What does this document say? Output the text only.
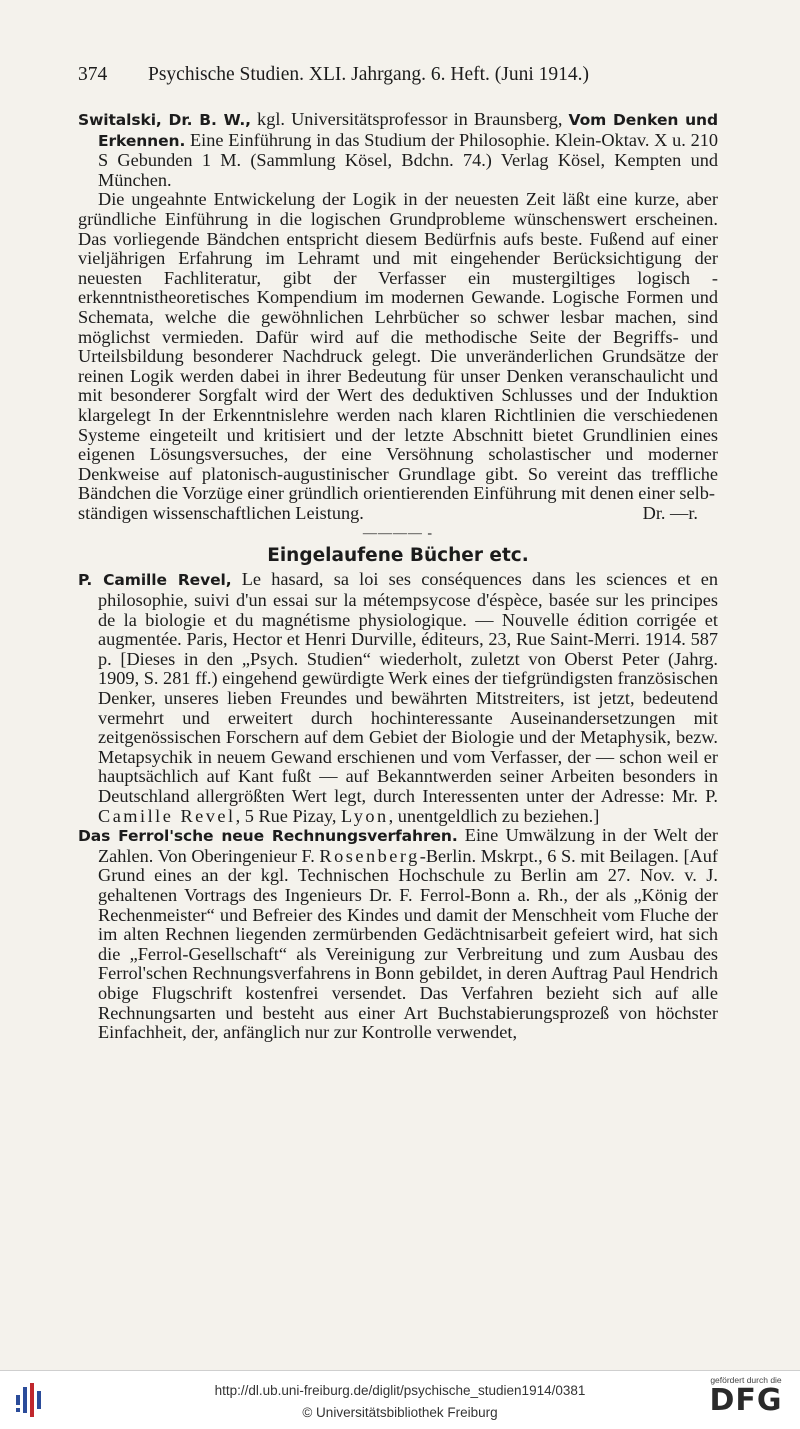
374	Psychische Studien. XLI. Jahrgang. 6. Heft. (Juni 1914.)

Switalski, Dr. B. W., kgl. Universitätsprofessor in Braunsberg, Vom Denken und Erkennen. Eine Einführung in das Studium der Philosophie. Klein-Oktav. X u. 210 S Gebunden 1 M. (Sammlung Kösel, Bdchn. 74.) Verlag Kösel, Kempten und München.

Die ungeahnte Entwickelung der Logik in der neuesten Zeit läßt eine kurze, aber gründliche Einführung in die logischen Grundprobleme wünschenswert erscheinen. Das vorliegende Bändchen entspricht diesem Bedürfnis aufs beste. Fußend auf einer vieljährigen Erfahrung im Lehramt und mit eingehender Berücksichtigung der neuesten Fachliteratur, gibt der Verfasser ein mustergiltiges logisch - erkenntnistheoretisches Kompendium im modernen Gewande. Logische Formen und Schemata, welche die gewöhnlichen Lehrbücher so schwer lesbar machen, sind möglichst vermieden. Dafür wird auf die methodische Seite der Begriffs- und Urteilsbildung besonderer Nachdruck gelegt. Die unveränderlichen Grundsätze der reinen Logik werden dabei in ihrer Bedeutung für unser Denken veranschaulicht und mit besonderer Sorgfalt wird der Wert des deduktiven Schlusses und der Induktion klargelegt In der Erkenntnislehre werden nach klaren Richtlinien die verschiedenen Systeme eingeteilt und kritisiert und der letzte Abschnitt bietet Grundlinien eines eigenen Lösungsversuches, der eine Versöhnung scholastischer und moderner Denkweise auf platonisch-augustinischer Grundlage gibt. So vereint das treffliche Bändchen die Vorzüge einer gründlich orientierenden Einführung mit denen einer selb-

ständigen wissenschaftlichen Leistung.	Dr. —r.

———— -
Eingelaufene Bücher etc.

P. Camille Revel, Le hasard, sa loi ses conséquences dans les sciences et en philosophie, suivi d'un essai sur la métempsycose d'éspèce, basée sur les principes de la biologie et du magnétisme physiologique. — Nouvelle édition corrigée et augmentée. Paris, Hector et Henri Durville, éditeurs, 23, Rue Saint-Merri. 1914. 587 p. [Dieses in den „Psych. Studien“ wiederholt, zuletzt von Oberst Peter (Jahrg. 1909, S. 281 ff.) eingehend gewürdigte Werk eines der tiefgründigsten französischen Denker, unseres lieben Freundes und bewährten Mitstreiters, ist jetzt, bedeutend vermehrt und erweitert durch hochinteressante Auseinandersetzungen mit zeitgenössischen Forschern auf dem Gebiet der Biologie und der Metaphysik, bezw. Metapsychik in neuem Gewand erschienen und vom Verfasser, der — schon weil er hauptsächlich auf Kant fußt — auf Bekanntwerden seiner Arbeiten besonders in Deutschland allergrößten Wert legt, durch Interessenten unter der Adresse: Mr. P. Camille Revel, 5 Rue Pizay, Lyon, unentgeldlich zu beziehen.]

Das Ferrol'sche neue Rechnungsverfahren. Eine Umwälzung in der Welt der Zahlen. Von Oberingenieur F. Rosenberg-Berlin. Mskrpt., 6 S. mit Beilagen. [Auf Grund eines an der kgl. Technischen Hochschule zu Berlin am 27. Nov. v. J. gehaltenen Vortrags des Ingenieurs Dr. F. Ferrol-Bonn a. Rh., der als „König der Rechenmeister“ und Befreier des Kindes und damit der Menschheit vom Fluche der im alten Rechnen liegenden zermürbenden Gedächtnisarbeit gefeiert wird, hat sich die „Ferrol-Gesellschaft“ als Vereinigung zur Verbreitung und zum Ausbau des Ferrol'schen Rechnungsverfahrens in Bonn gebildet, in deren Auftrag Paul Hendrich obige Flugschrift kostenfrei versendet. Das Verfahren bezieht sich auf alle Rechnungsarten und besteht aus einer Art Buchstabierungsprozeß von höchster Einfachheit, der, anfänglich nur zur Kontrolle verwendet,

http://dl.ub.uni-freiburg.de/diglit/psychische_studien1914/0381
© Universitätsbibliothek Freiburg
gefördert durch die
DFG
